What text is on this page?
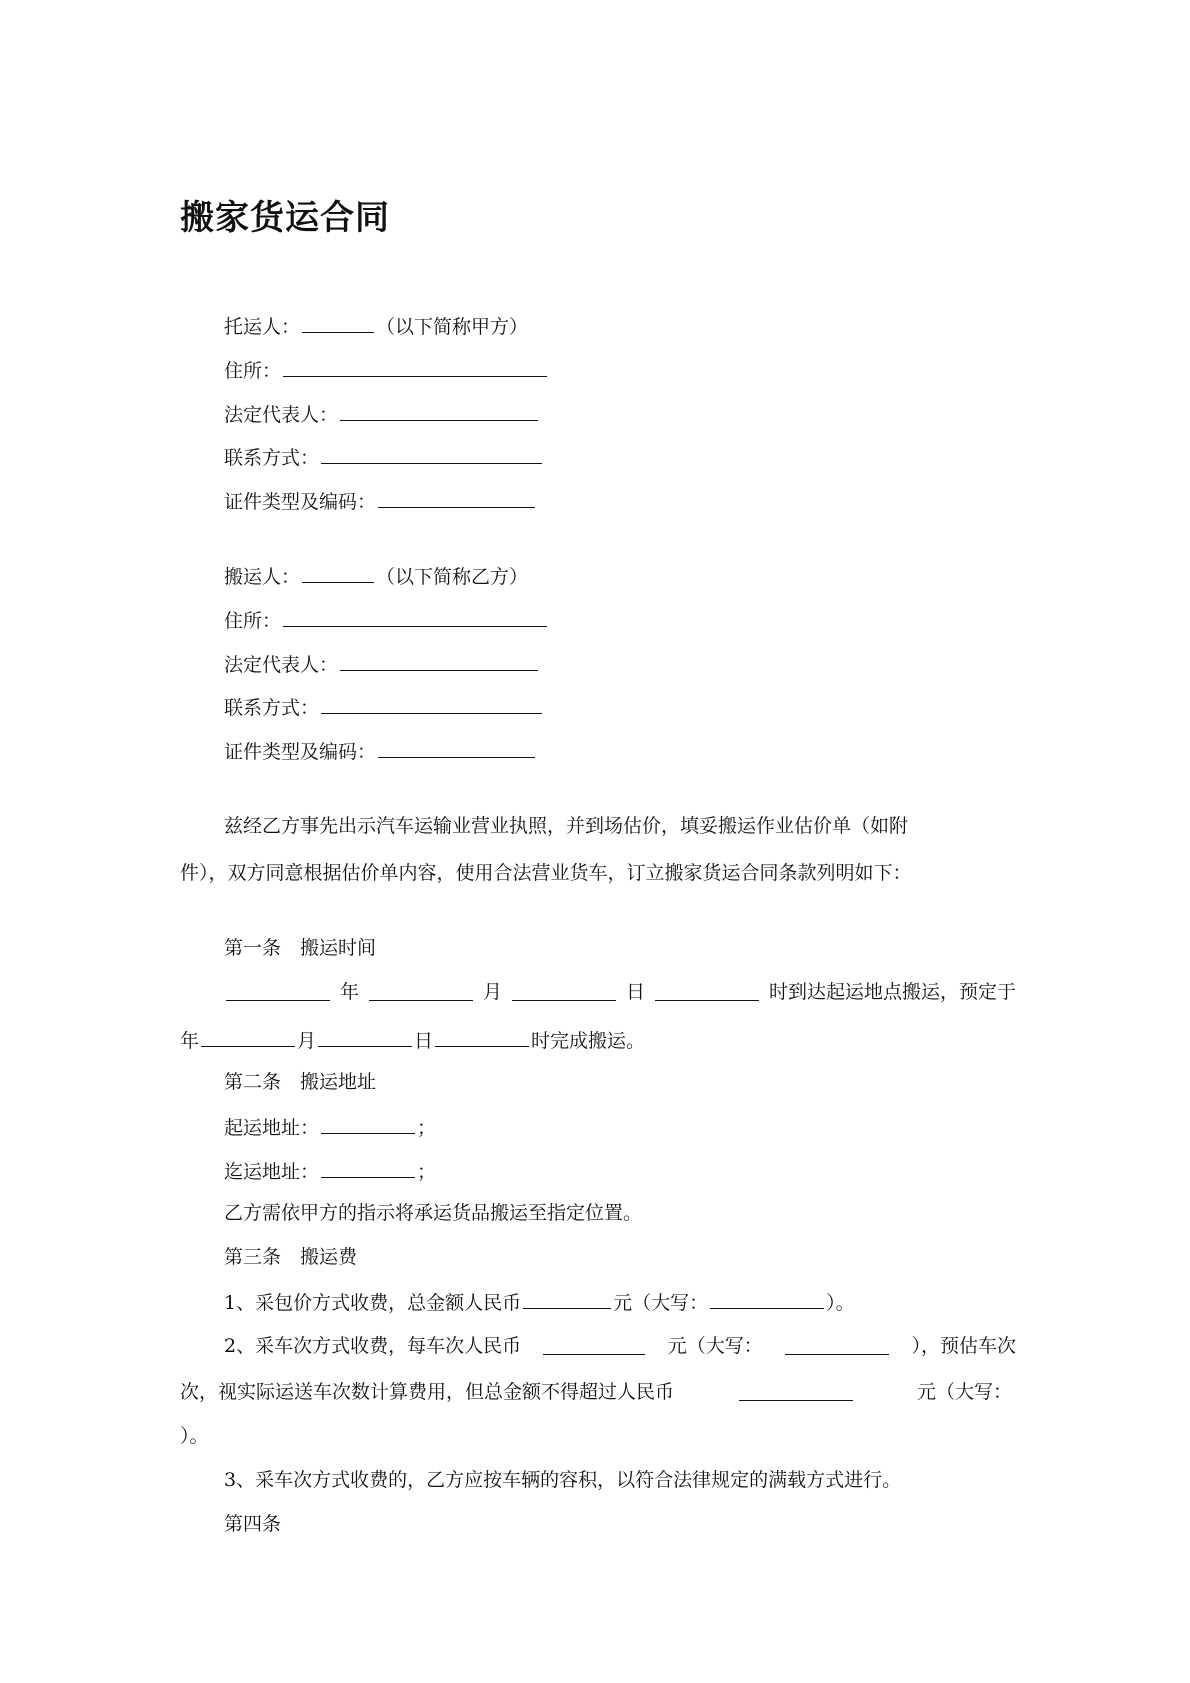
搬家货运合同
托运人：	（以下简称甲方）
住所：
法定代表人：
联系方式：
证件类型及编码：
搬运人：	（以下简称乙方）
住所：
法定代表人：
联系方式：
证件类型及编码：
兹经乙方事先出示汽车运输业营业执照，并到场估价，填妥搬运作业估价单（如附
件），双方同意根据估价单内容，使用合法营业货车，订立搬家货运合同条款列明如下：
第一条　搬运时间
年	月	日	时到达起运地点搬运，预定于
年	月	日	时完成搬运。
第二条　搬运地址
起运地址：	；
迄运地址：	；
乙方需依甲方的指示将承运货品搬运至指定位置。
第三条　搬运费
1、采包价方式收费，总金额人民币	元（大写：	）。
2、采车次方式收费，每车次人民币	元（大写：	），预估车次
次，视实际运送车次数计算费用，但总金额不得超过人民币	元（大写：
）。
3、采车次方式收费的，乙方应按车辆的容积，以符合法律规定的满载方式进行。
第四条
